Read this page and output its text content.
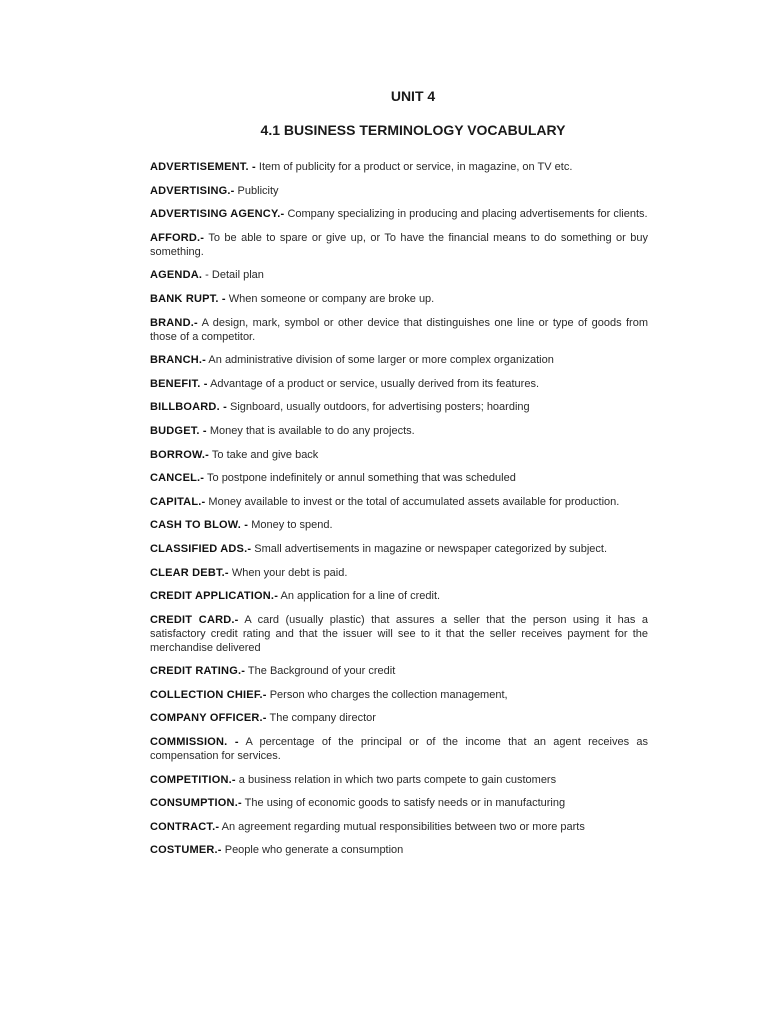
UNIT 4
4.1 BUSINESS TERMINOLOGY VOCABULARY
ADVERTISEMENT. - Item of publicity for a product or service, in magazine, on TV etc.
ADVERTISING.- Publicity
ADVERTISING AGENCY.- Company specializing in producing and placing advertisements for clients.
AFFORD.- To be able to spare or give up, or To have the financial means to do something or buy something.
AGENDA. - Detail plan
BANK RUPT. - When someone or company are broke up.
BRAND.- A design, mark, symbol or other device that distinguishes one line or type of goods from those of a competitor.
BRANCH.- An administrative division of some larger or more complex organization
BENEFIT. - Advantage of a product or service, usually derived from its features.
BILLBOARD. - Signboard, usually outdoors, for advertising posters; hoarding
BUDGET. - Money that is available to do any projects.
BORROW.- To take and give back
CANCEL.- To postpone indefinitely or annul something that was scheduled
CAPITAL.- Money available to invest or the total of accumulated assets available for production.
CASH TO BLOW. - Money to spend.
CLASSIFIED ADS.- Small advertisements in magazine or newspaper categorized by subject.
CLEAR DEBT.- When your debt is paid.
CREDIT APPLICATION.- An application for a line of credit.
CREDIT CARD.- A card (usually plastic) that assures a seller that the person using it has a satisfactory credit rating and that the issuer will see to it that the seller receives payment for the merchandise delivered
CREDIT RATING.- The Background of your credit
COLLECTION CHIEF.- Person who charges the collection management,
COMPANY OFFICER.- The company director
COMMISSION. - A percentage of the principal or of the income that an agent receives as compensation for services.
COMPETITION.- a business relation in which two parts compete to gain customers
CONSUMPTION.- The using of economic goods to satisfy needs or in manufacturing
CONTRACT.- An agreement regarding mutual responsibilities between two or more parts
COSTUMER.- People who generate a consumption
